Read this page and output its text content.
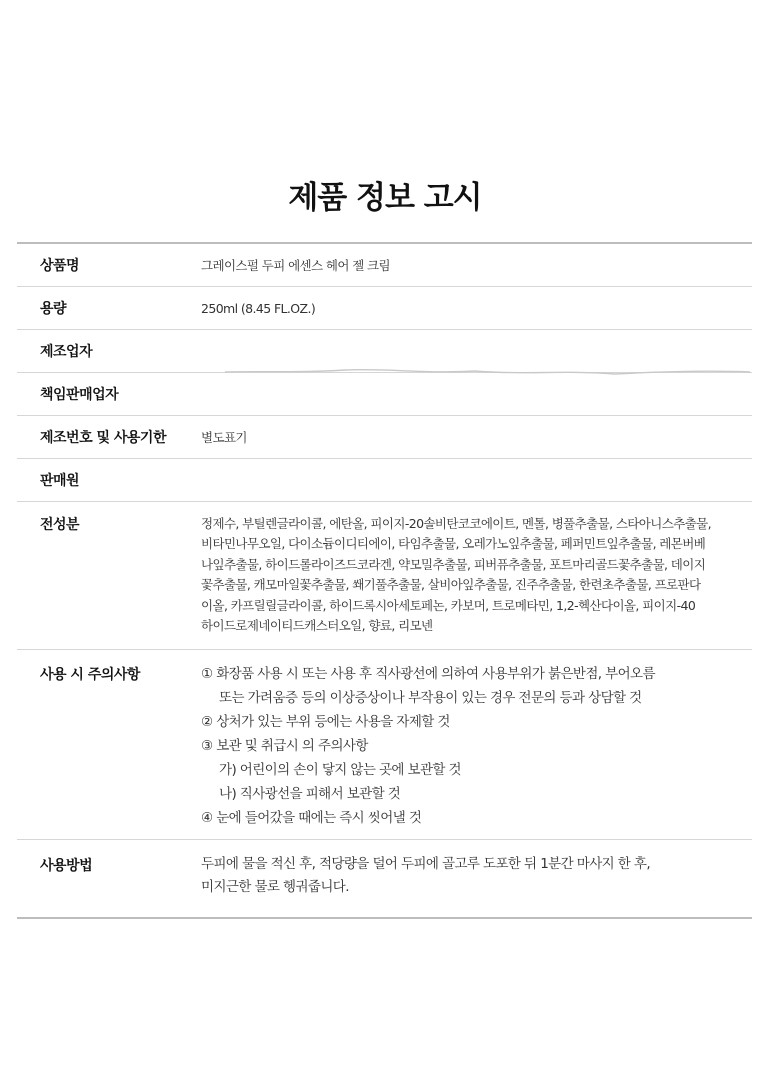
제품 정보 고시
상품명	그레이스펄 두피 에센스 헤어 젤 크림
용량	250ml (8.45 FL.OZ.)
제조업자
책임판매업자
제조번호 및 사용기한	별도표기
판매원
전성분	정제수, 부틸렌글라이콜, 에탄올, 피이지-20솔비탄코코에이트, 멘톨, 병풀추출물, 스타아니스추출물,
비타민나무오일, 다이소듐이디티에이, 타임추출물, 오레가노잎추출물, 페퍼민트잎추출물, 레몬버베
나잎추출물, 하이드롤라이즈드코라겐, 약모밀추출물, 피버퓨추출물, 포트마리골드꽃추출물, 데이지
꽃추출물, 캐모마일꽃추출물, 쐐기풀추출물, 살비아잎추출물, 진주추출물, 한련초추출물, 프로판다
이올, 카프릴릴글라이콜, 하이드록시아세토페논, 카보머, 트로메타민, 1,2-헥산다이올, 피이지-40
하이드로제네이티드캐스터오일, 향료, 리모넨
사용 시 주의사항	① 화장품 사용 시 또는 사용 후 직사광선에 의하여 사용부위가 붉은반점, 부어오름
또는 가려움증 등의 이상증상이나 부작용이 있는 경우 전문의 등과 상담할 것
② 상처가 있는 부위 등에는 사용을 자제할 것
③ 보관 및 취급시 의 주의사항
가) 어린이의 손이 닿지 않는 곳에 보관할 것
나) 직사광선을 피해서 보관할 것
④ 눈에 들어갔을 때에는 즉시 씻어낼 것
사용방법	두피에 물을 적신 후, 적당량을 덜어 두피에 골고루 도포한 뒤 1분간 마사지 한 후,
미지근한 물로 헹궈줍니다.
